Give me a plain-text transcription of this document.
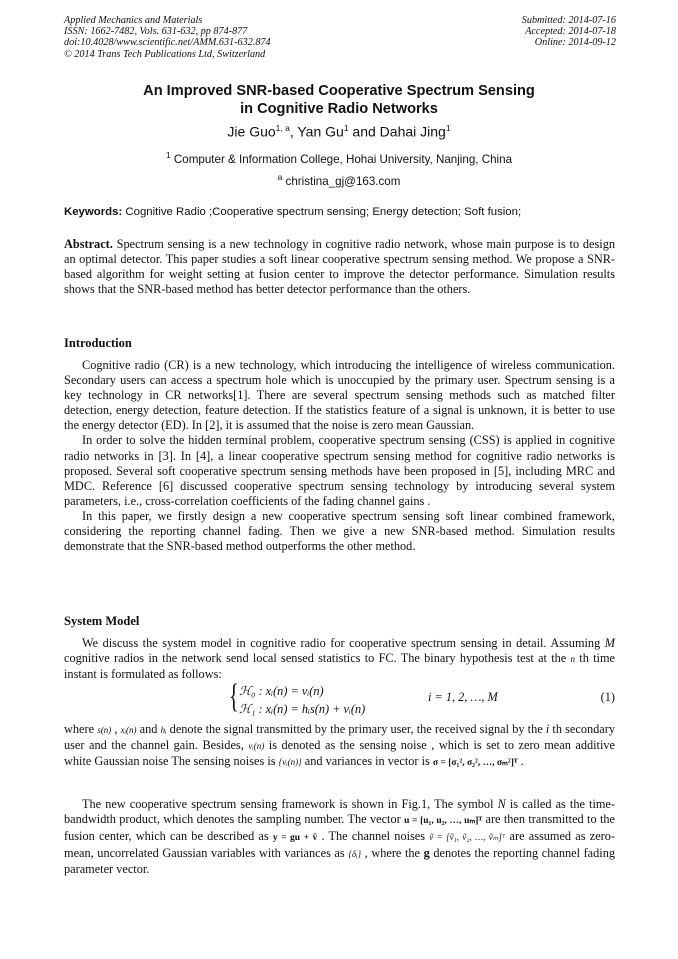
Applied Mechanics and Materials
ISSN: 1662-7482, Vols. 631-632, pp 874-877
doi:10.4028/www.scientific.net/AMM.631-632.874
© 2014 Trans Tech Publications Ltd, Switzerland
Submitted: 2014-07-16
Accepted: 2014-07-18
Online: 2014-09-12
An Improved SNR-based Cooperative Spectrum Sensing
in Cognitive Radio Networks
Jie Guo$^{1, a}$, Yan Gu$^1$ and Dahai Jing$^1$
$^1$ Computer & Information College, Hohai University, Nanjing, China
$^a$ christina_gj@163.com
Keywords: Cognitive Radio ;Cooperative spectrum sensing; Energy detection; Soft fusion;

Abstract. Spectrum sensing is a new technology in cognitive radio network, whose main purpose is to design an optimal detector. This paper studies a soft linear cooperative spectrum sensing method. We propose a SNR-based algorithm for weight setting at fusion center to improve the detector performance. Simulation results shows that the SNR-based method has better detector performance than the others.

Introduction

Cognitive radio (CR) is a new technology, which introducing the intelligence of wireless communication. Secondary users can access a spectrum hole which is unoccupied by the primary user. Spectrum sensing is a key technology in CR networks[1]. There are several spectrum sensing methods such as matched filter detection, energy detection, feature detection. If the statistics feature of a signal is unknown, it is better to use the energy detector (ED). In [2], it is assumed that the noise is zero mean Gaussian.

In order to solve the hidden terminal problem, cooperative spectrum sensing (CSS) is applied in cognitive radio networks in [3]. In [4], a linear cooperative spectrum sensing method for cognitive radio networks is proposed. Several soft cooperative spectrum sensing methods have been proposed in [5], including MRC and MDC. Reference [6] discussed cooperative spectrum sensing technology by introducing several system parameters, i.e., cross-correlation coefficients of the fading channel gains .

In this paper, we firstly design a new cooperative spectrum sensing soft linear combined framework, considering the reporting channel fading. Then we give a new SNR-based method. Simulation results demonstrate that the SNR-based method outperforms the other method.

System Model

We discuss the system model in cognitive radio for cooperative spectrum sensing in detail. Assuming M cognitive radios in the network send local sensed statistics to FC. The binary hypothesis test at the n th time instant is formulated as follows:

{ ℋ₀ : xᵢ(n) = vᵢ(n)
ℋ₁ : xᵢ(n) = hᵢs(n) + vᵢ(n)
i = 1, 2, …, M	(1)

where s(n) , xᵢ(n) and hᵢ denote the signal transmitted by the primary user, the received signal by the i th secondary user and the channel gain. Besides, vᵢ(n) is denoted as the sensing noise , which is set to zero mean additive white Gaussian noise The sensing noises is {vᵢ(n)} and variances in vector is σ = [σ₁², σ₂², …, σₘ²]ᵀ .

The new cooperative spectrum sensing framework is shown in Fig.1, The symbol N is called as the time-bandwidth product, which denotes the sampling number. The vector u = [u₁, u₂, …, uₘ]ᵀ are then transmitted to the fusion center, which can be described as y = gu + ṽ . The channel noises ṽ = [ṽ₁, ṽ₂, …, ṽₘ]ᵀ are assumed as zero-mean, uncorrelated Gaussian variables with variances as {δᵢ} , where the g denotes the reporting channel fading parameter vector.
